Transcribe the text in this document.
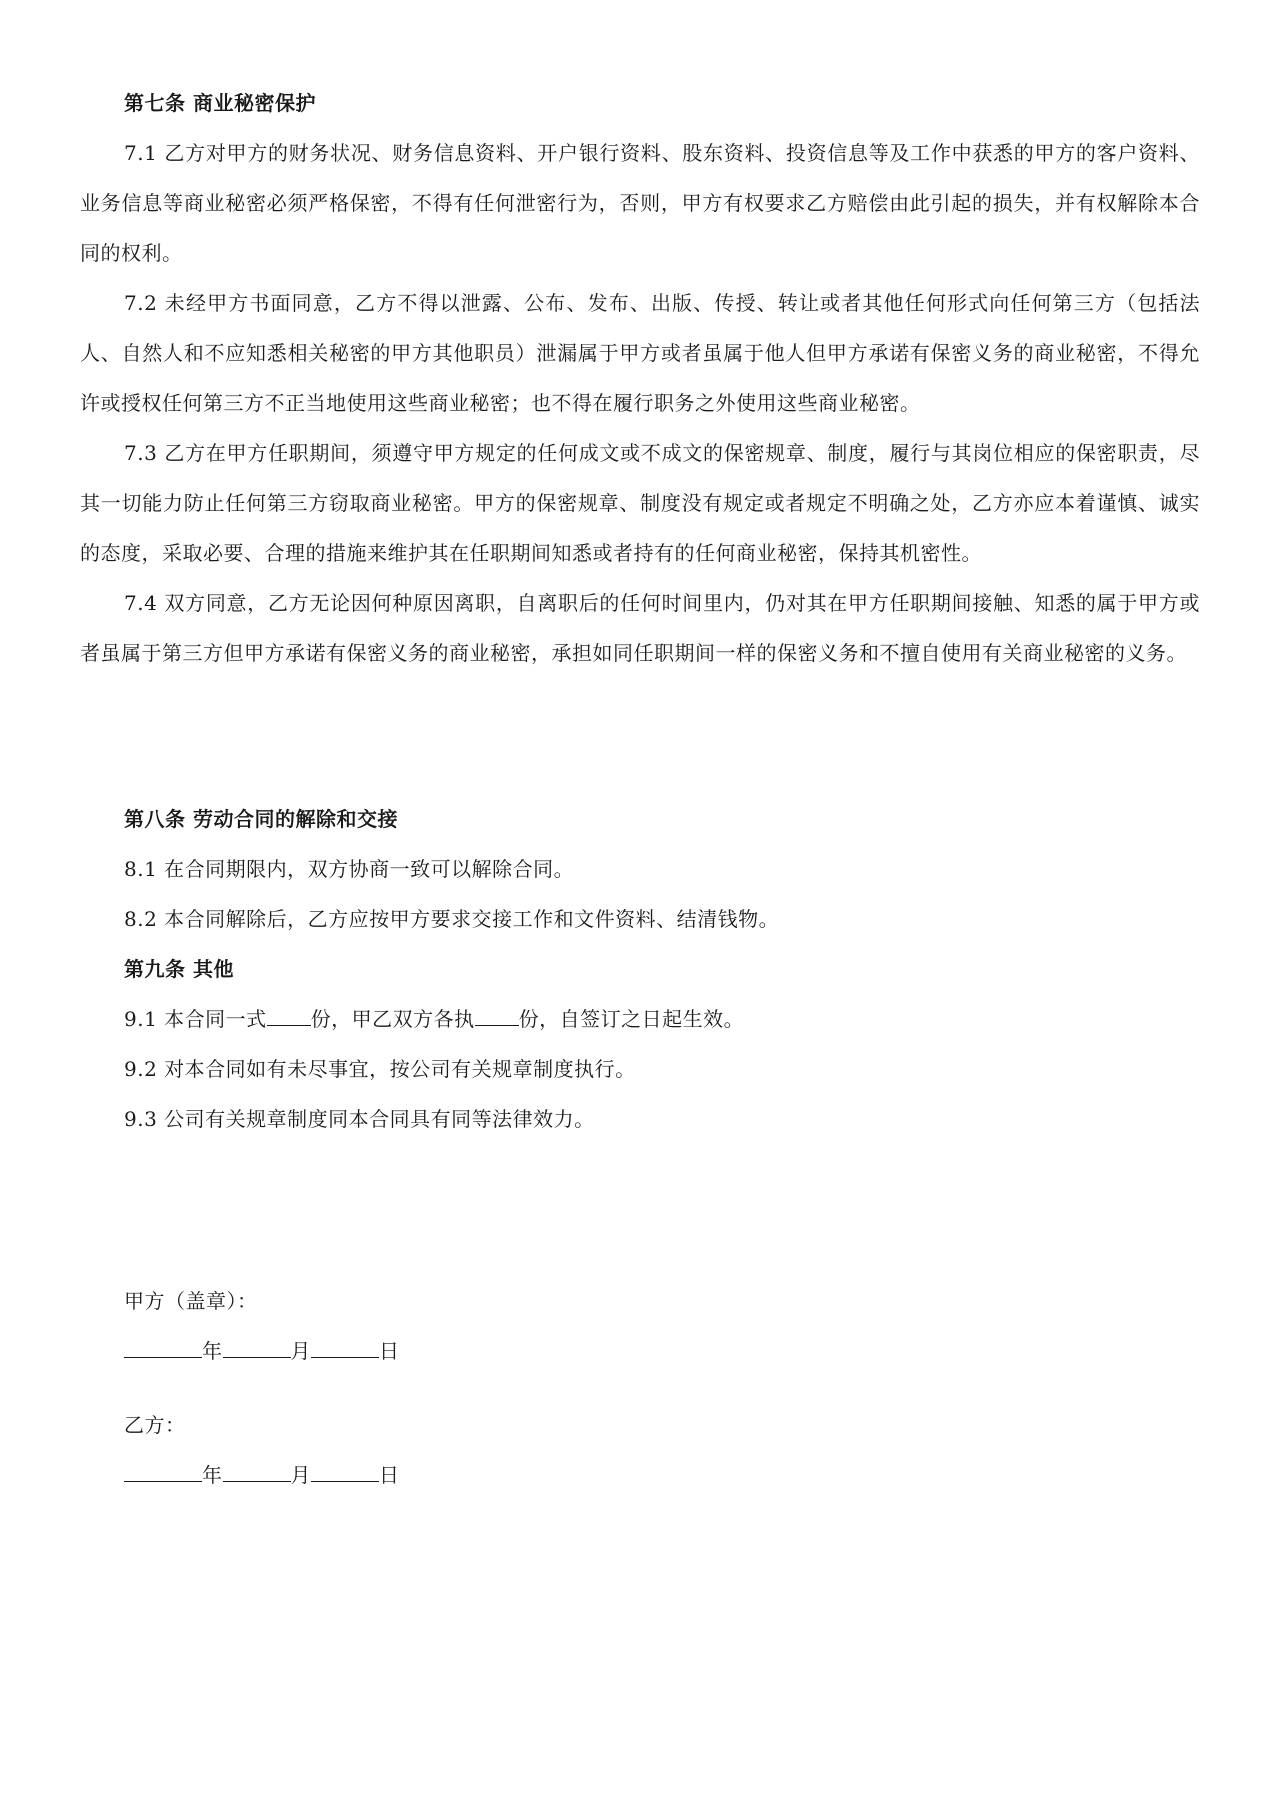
第七条 商业秘密保护

7.1 乙方对甲方的财务状况、财务信息资料、开户银行资料、股东资料、投资信息等及工作中获悉的甲方的客户资料、业务信息等商业秘密必须严格保密，不得有任何泄密行为，否则，甲方有权要求乙方赔偿由此引起的损失，并有权解除本合同的权利。

7.2 未经甲方书面同意，乙方不得以泄露、公布、发布、出版、传授、转让或者其他任何形式向任何第三方（包括法人、自然人和不应知悉相关秘密的甲方其他职员）泄漏属于甲方或者虽属于他人但甲方承诺有保密义务的商业秘密，不得允许或授权任何第三方不正当地使用这些商业秘密；也不得在履行职务之外使用这些商业秘密。

7.3 乙方在甲方任职期间，须遵守甲方规定的任何成文或不成文的保密规章、制度，履行与其岗位相应的保密职责，尽其一切能力防止任何第三方窃取商业秘密。甲方的保密规章、制度没有规定或者规定不明确之处，乙方亦应本着谨慎、诚实的态度，采取必要、合理的措施来维护其在任职期间知悉或者持有的任何商业秘密，保持其机密性。

7.4 双方同意，乙方无论因何种原因离职，自离职后的任何时间里内，仍对其在甲方任职期间接触、知悉的属于甲方或者虽属于第三方但甲方承诺有保密义务的商业秘密，承担如同任职期间一样的保密义务和不擅自使用有关商业秘密的义务。

第八条 劳动合同的解除和交接
8.1 在合同期限内，双方协商一致可以解除合同。
8.2 本合同解除后，乙方应按甲方要求交接工作和文件资料、结清钱物。
第九条 其他
9.1 本合同一式 份，甲乙双方各执 份，自签订之日起生效。
9.2 对本合同如有未尽事宜，按公司有关规章制度执行。
9.3 公司有关规章制度同本合同具有同等法律效力。
甲方（盖章）：
年	月	日
乙方：
年	月	日
